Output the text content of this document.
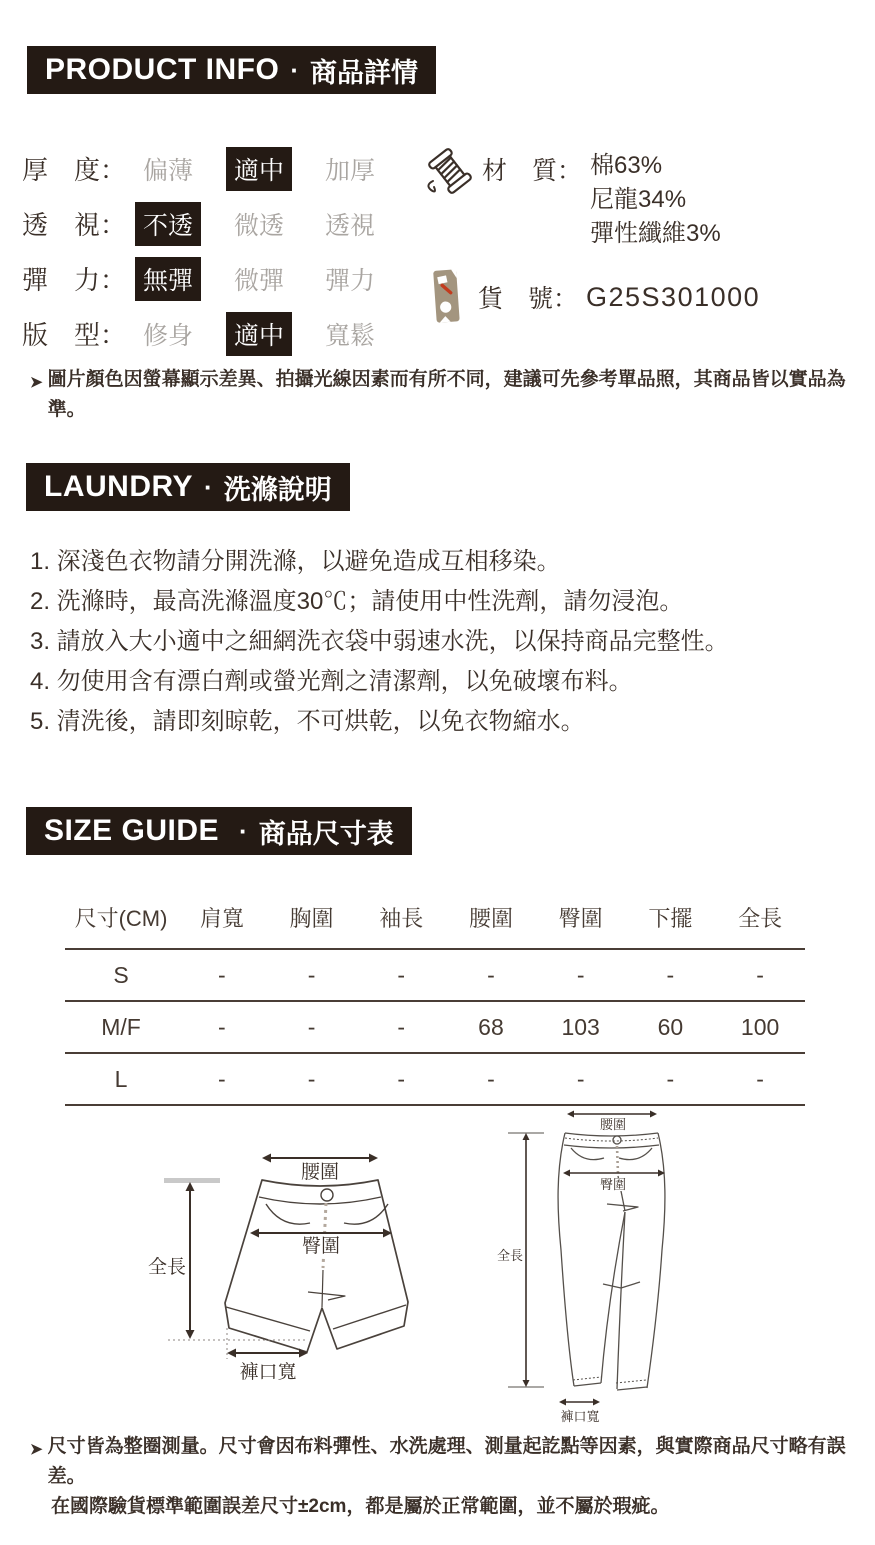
PRODUCT INFO · 商品詳情
厚　度： 偏薄	適中	加厚
透　視： 不透	微透	透視
彈　力： 無彈	微彈	彈力
版　型： 修身	適中	寬鬆
材　質： 棉63%
尼龍34%
彈性纖維3%
貨　號： G25S301000
➤ 圖片顏色因螢幕顯示差異、拍攝光線因素而有所不同，建議可先參考單品照，其商品皆以實品為準。
LAUNDRY · 洗滌說明
1. 深淺色衣物請分開洗滌，以避免造成互相移染。
2. 洗滌時，最高洗滌溫度30℃；請使用中性洗劑，請勿浸泡。
3. 請放入大小適中之細網洗衣袋中弱速水洗，以保持商品完整性。
4. 勿使用含有漂白劑或螢光劑之清潔劑，以免破壞布料。
5. 清洗後，請即刻晾乾，不可烘乾，以免衣物縮水。
SIZE GUIDE · 商品尺寸表
尺寸(CM)	肩寬	胸圍	袖長	腰圍	臀圍	下擺	全長
S	-	-	-	-	-	-	-
M/F	-	-	-	68	103	60	100
L	-	-	-	-	-	-	-
腰圍
臀圍
全長
褲口寬
腰圍
臀圍
全長
褲口寬
➤ 尺寸皆為整圈測量。尺寸會因布料彈性、水洗處理、測量起訖點等因素，與實際商品尺寸略有誤差。
在國際驗貨標準範圍誤差尺寸±2cm，都是屬於正常範圍，並不屬於瑕疵。
